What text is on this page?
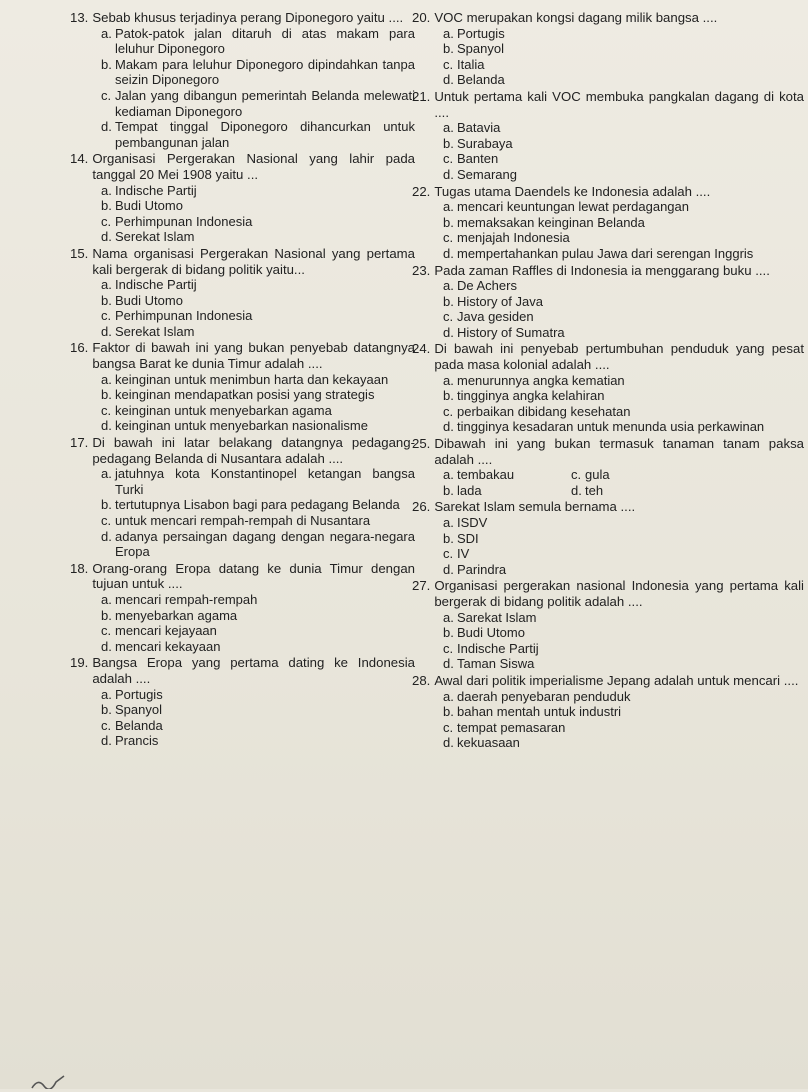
13. Sebab khusus terjadinya perang Diponegoro yaitu ....
a. Patok-patok jalan ditaruh di atas makam para leluhur Diponegoro
b. Makam para leluhur Diponegoro dipindahkan tanpa seizin Diponegoro
c. Jalan yang dibangun pemerintah Belanda melewati kediaman Diponegoro
d. Tempat tinggal Diponegoro dihancurkan untuk pembangunan jalan
14. Organisasi Pergerakan Nasional yang lahir pada tanggal 20 Mei 1908 yaitu ...
a. Indische Partij
b. Budi Utomo
c. Perhimpunan Indonesia
d. Serekat Islam
15. Nama organisasi Pergerakan Nasional yang pertama kali bergerak di bidang politik yaitu...
a. Indische Partij
b. Budi Utomo
c. Perhimpunan Indonesia
d. Serekat Islam
16. Faktor di bawah ini yang bukan penyebab datangnya bangsa Barat ke dunia Timur adalah ....
a. keinginan untuk menimbun harta dan kekayaan
b. keinginan mendapatkan posisi yang strategis
c. keinginan untuk menyebarkan agama
d. keinginan untuk menyebarkan nasionalisme
17. Di bawah ini latar belakang datangnya pedagang-pedagang Belanda di Nusantara adalah ....
a. jatuhnya kota Konstantinopel ketangan bangsa Turki
b. tertutupnya Lisabon bagi para pedagang Belanda
c. untuk mencari rempah-rempah di Nusantara
d. adanya persaingan dagang dengan negara-negara Eropa
18. Orang-orang Eropa datang ke dunia Timur dengan tujuan untuk ....
a. mencari rempah-rempah
b. menyebarkan agama
c. mencari kejayaan
d. mencari kekayaan
19. Bangsa Eropa yang pertama dating ke Indonesia adalah ....
a. Portugis
b. Spanyol
c. Belanda
d. Prancis
20. VOC merupakan kongsi dagang milik bangsa ....
a. Portugis
b. Spanyol
c. Italia
d. Belanda
21. Untuk pertama kali VOC membuka pangkalan dagang di kota ....
a. Batavia
b. Surabaya
c. Banten
d. Semarang
22. Tugas utama Daendels ke Indonesia adalah ....
a. mencari keuntungan lewat perdagangan
b. memaksakan keinginan Belanda
c. menjajah Indonesia
d. mempertahankan pulau Jawa dari serengan Inggris
23. Pada zaman Raffles di Indonesia ia menggarang buku ....
a. De Achers
b. History of Java
c. Java gesiden
d. History of Sumatra
24. Di bawah ini penyebab pertumbuhan penduduk yang pesat pada masa kolonial adalah ....
a. menurunnya angka kematian
b. tingginya angka kelahiran
c. perbaikan dibidang kesehatan
d. tingginya kesadaran untuk menunda usia perkawinan
25. Dibawah ini yang bukan termasuk tanaman tanam paksa adalah ....
a. tembakau	c. gula
b. lada	d. teh
26. Sarekat Islam semula bernama ....
a. ISDV
b. SDI
c. IV
d. Parindra
27. Organisasi pergerakan nasional Indonesia yang pertama kali bergerak di bidang politik adalah ....
a. Sarekat Islam
b. Budi Utomo
c. Indische Partij
d. Taman Siswa
28. Awal dari politik imperialisme Jepang adalah untuk mencari ....
a. daerah penyebaran penduduk
b. bahan mentah untuk industri
c. tempat pemasaran
d. kekuasaan
